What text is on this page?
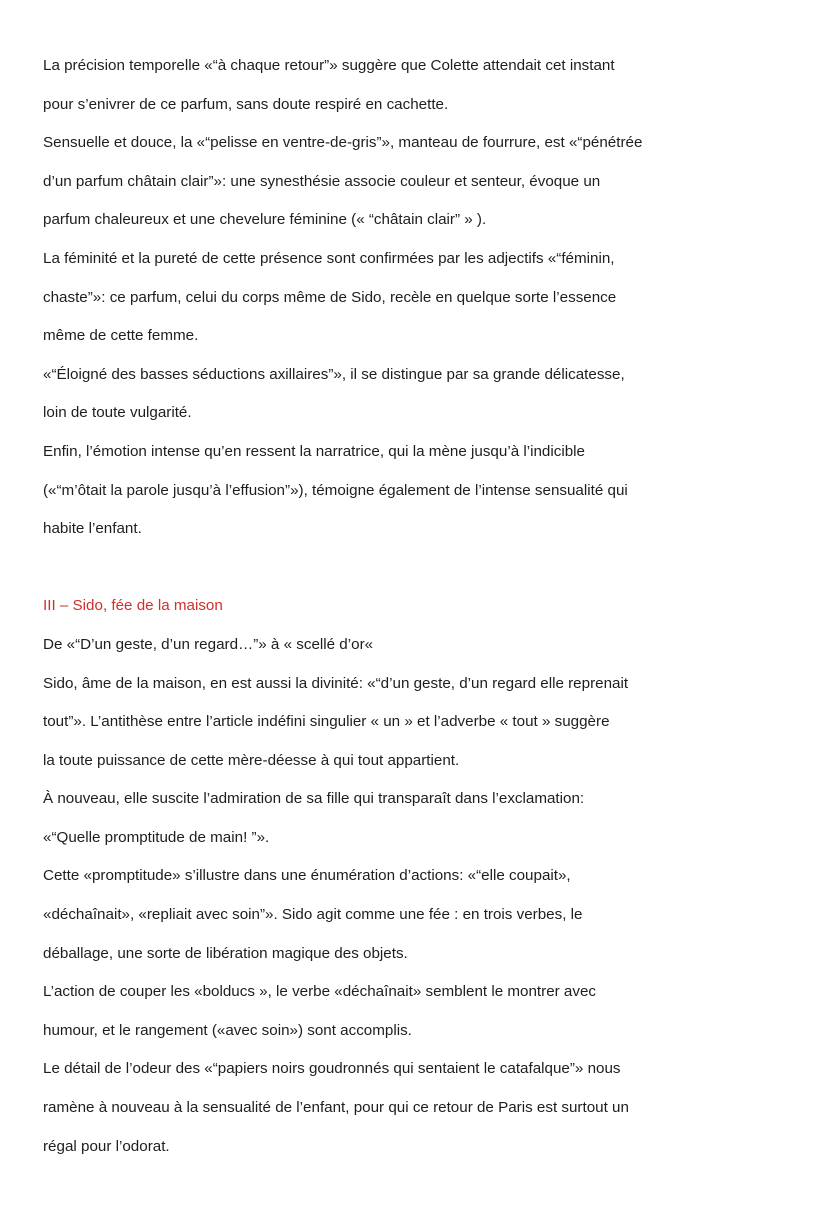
La précision temporelle «“à chaque retour”» suggère que Colette attendait cet instant
pour s’enivrer de ce parfum, sans doute respiré en cachette.
Sensuelle et douce, la «“pelisse en ventre-de-gris”», manteau de fourrure, est «“pénétrée
d’un parfum châtain clair”»: une synesthésie associe couleur et senteur, évoque un
parfum chaleureux et une chevelure féminine (« “châtain clair” » ).
La féminité et la pureté de cette présence sont confirmées par les adjectifs «“féminin,
chaste”»: ce parfum, celui du corps même de Sido, recèle en quelque sorte l’essence
même de cette femme.
«“Éloigné des basses séductions axillaires”», il se distingue par sa grande délicatesse,
loin de toute vulgarité.
Enfin, l’émotion intense qu’en ressent la narratrice, qui la mène jusqu’à l’indicible
(«“m’ôtait la parole jusqu’à l’effusion”»), témoigne également de l’intense sensualité qui
habite l’enfant.
III – Sido, fée de la maison
De «“D’un geste, d’un regard…”» à « scellé d’or«
Sido, âme de la maison, en est aussi la divinité: «“d’un geste, d’un regard elle reprenait
tout”». L’antithèse entre l’article indéfini singulier « un » et l’adverbe « tout » suggère
la toute puissance de cette mère-déesse à qui tout appartient.
À nouveau, elle suscite l’admiration de sa fille qui transparaît dans l’exclamation:
«“Quelle promptitude de main! ”».
Cette «promptitude» s’illustre dans une énumération d’actions: «“elle coupait»,
«déchaînait», «repliait avec soin”». Sido agit comme une fée : en trois verbes, le
déballage, une sorte de libération magique des objets.
L’action de couper les «bolducs », le verbe «déchaînait» semblent le montrer avec
humour, et le rangement («avec soin») sont accomplis.
Le détail de l’odeur des «“papiers noirs goudronnés qui sentaient le catafalque”» nous
ramène à nouveau à la sensualité de l’enfant, pour qui ce retour de Paris est surtout un
régal pour l’odorat.
